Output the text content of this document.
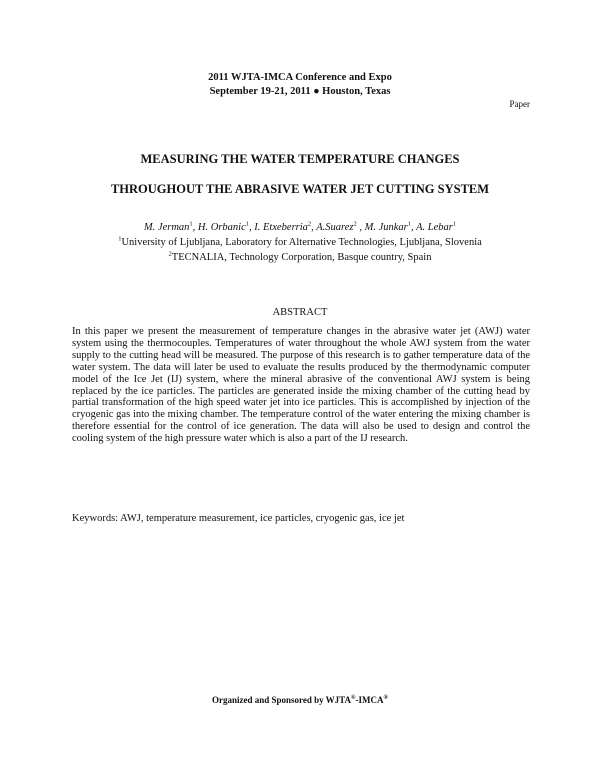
2011 WJTA-IMCA Conference and Expo
September 19-21, 2011 ● Houston, Texas
Paper
MEASURING THE WATER TEMPERATURE CHANGES
THROUGHOUT THE ABRASIVE WATER JET CUTTING SYSTEM
M. Jerman$^1$, H. Orbanic$^1$, I. Etxeberria$^2$, A.Suarez$^2$ , M. Junkar$^1$, A. Lebar$^1$
$^1$University of Ljubljana, Laboratory for Alternative Technologies, Ljubljana, Slovenia
$^2$TECNALIA, Technology Corporation, Basque country, Spain
ABSTRACT
In this paper we present the measurement of temperature changes in the abrasive water jet (AWJ) water system using the thermocouples. Temperatures of water throughout the whole AWJ system from the water supply to the cutting head will be measured. The purpose of this research is to gather temperature data of the water system. The data will later be used to evaluate the results produced by the thermodynamic computer model of the Ice Jet (IJ) system, where the mineral abrasive of the conventional AWJ system is being replaced by the ice particles. The particles are generated inside the mixing chamber of the cutting head by partial transformation of the high speed water jet into ice particles. This is accomplished by injection of the cryogenic gas into the mixing chamber. The temperature control of the water entering the mixing chamber is therefore essential for the control of ice generation. The data will also be used to design and control the cooling system of the high pressure water which is also a part of the IJ research.
Keywords: AWJ, temperature measurement, ice particles, cryogenic gas, ice jet
Organized and Sponsored by WJTA®-IMCA®
